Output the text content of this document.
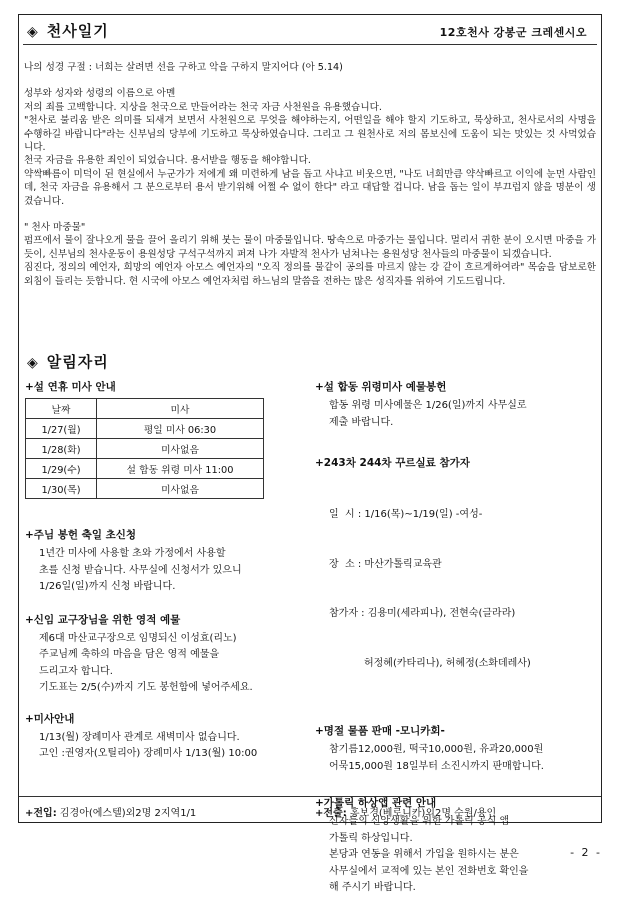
◈ 천사일기	12호천사 강봉군 크레센시오

나의 성경 구절 : 너희는 살려면 선을 구하고 악을 구하지 말지어다 (아 5.14)

성부와 성자와 성령의 이름으로 아멘

저의 죄를 고백합니다. 지상을 천국으로 만들어라는 천국 자금 사천원을 유용했습니다.

"천사로 불리움 받은 의미를 되새겨 보면서 사천원으로 무엇을 해야하는지, 어떤일을 해야 할지 기도하고, 묵상하고, 천사로서의 사명을 수행하길 바랍니다"라는 신부님의 당부에 기도하고 묵상하였습니다. 그리고 그 원천사로 저의 몸보신에 도움이 되는 맛있는 것 사먹었습니다.

천국 자금을 유용한 죄인이 되었습니다. 용서받을 행동을 해야합니다.

약싹빠름이 미덕이 된 현실에서 누군가가 저에게 왜 미련하게 남을 돕고 사냐고 비웃으면, "나도 너희만큼 약삭빠르고 이익에 눈먼 사람인데, 천국 자금을 유용해서 그 분으로부터 용서 받기위해 어쩔 수 없이 한다" 라고 대답할 겁니다. 남을 돕는 일이 부끄럽지 않을 명분이 생겼습니다.

" 천사 마중물"

펌프에서 물이 잘나오게 물을 끌어 올리기 위해 붓는 물이 마중물입니다. 땅속으로 마중가는 물입니다. 멀리서 귀한 분이 오시면 마중을 가듯이, 신부님의 천사운동이 용원성당 구석구석까지 퍼져 나가 자발적 천사가 넘쳐나는 용원성당 천사들의 마중물이 되겠습니다.

짐진다, 정의의 예언자, 희망의 예언자 아모스 예언자의 "오직 정의를 물같이 공의를 마르지 않는 강 같이 흐르게하여라" 목숨을 담보로한 외침이 들리는 듯합니다. 현 시국에 아모스 예언자처럼 하느님의 말씀을 전하는 많은 성직자를 위하여 기도드립니다.

◈ 알림자리
+설 연휴 미사 안내
날짜	미사
1/27(월)	평일 미사 06:30
1/28(화)	미사없음
1/29(수)	설 합동 위령 미사 11:00
1/30(목)	미사없음
+주님 봉헌 축일 초신청
1년간 미사에 사용할 초와 가정에서 사용할
초를 신청 받습니다. 사무실에 신청서가 있으니
1/26일(일)까지 신청 바랍니다.
+신임 교구장님을 위한 영적 예물
제6대 마산교구장으로 임명되신 이성효(리노)
주교님께 축하의 마음을 담은 영적 예물을
드리고자 합니다.
기도표는 2/5(수)까지 기도 봉헌함에 넣어주세요.
+미사안내
1/13(월) 장례미사 관계로 새벽미사 없습니다.
고인 :권영자(오틸리아) 장례미사 1/13(월) 10:00
+설 합동 위령미사 예물봉헌
합동 위령 미사예물은 1/26(일)까지 사무실로
제출 바랍니다.
+243차 244차 꾸르실료 참가자

일  시 : 1/16(목)~1/19(일) -여성-

장  소 : 마산가톨릭교육관

참가자 : 김용미(세라피나), 전현숙(글라라)

허정혜(카타리나), 허혜정(소화데레사)

+명절 물품 판매 -모니카회-
참기름12,000원, 떡국10,000원, 유과20,000원
어묵15,000원 18일부터 소진시까지 판매합니다.
+가톨릭 하상앱 관련 안내
신자들의 신앙생활을 위한 가톨릭 공식 앱
가톨릭 하상입니다.
본당과 연동을 위해서 가입을 원하시는 분은
사무실에서 교적에 있는 본인 전화번호 확인을
해 주시기 바랍니다.
+전입: 김경아(에스텔)외2명 2지역1/1	+전출: 홍보경(베로니카)외2명 수원/용인
- 2 -
